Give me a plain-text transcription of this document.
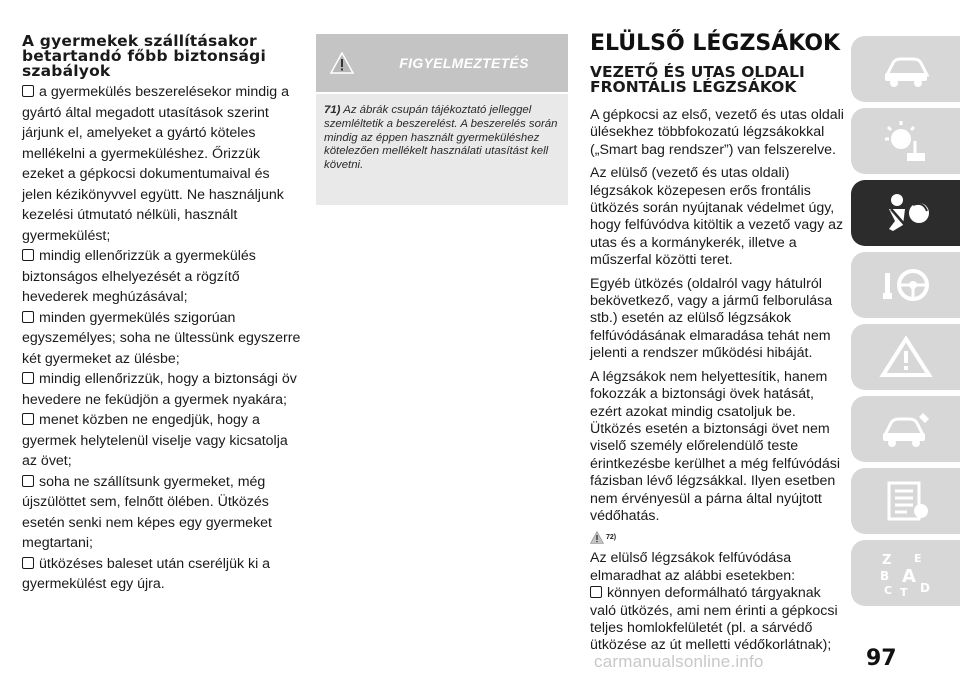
A gyermekek szállításakor betartandó főbb biztonsági szabályok

a gyermekülés beszerelésekor mindig a gyártó által megadott utasítások szerint járjunk el, amelyeket a gyártó köteles mellékelni a gyermeküléshez. Őrizzük ezeket a gépkocsi dokumentumaival és jelen kézikönyvvel együtt. Ne használjunk kezelési útmutató nélküli, használt gyermekülést;

mindig ellenőrizzük a gyermekülés biztonságos elhelyezését a rögzítő hevederek meghúzásával;

minden gyermekülés szigorúan egyszemélyes; soha ne ültessünk egyszerre két gyermeket az ülésbe;

mindig ellenőrizzük, hogy a biztonsági öv hevedere ne feküdjön a gyermek nyakára;

menet közben ne engedjük, hogy a gyermek helytelenül viselje vagy kicsatolja az övet;

soha ne szállítsunk gyermeket, még újszülöttet sem, felnőtt ölében. Ütközés esetén senki nem képes egy gyermeket megtartani;

ütközéses baleset után cseréljük ki a gyermekülést egy újra.

FIGYELMEZTETÉS

71) Az ábrák csupán tájékoztató jelleggel szemléltetik a beszerelést. A beszerelés során mindig az éppen használt gyermeküléshez kötelezően mellékelt használati utasítást kell követni.

ELÜLSŐ LÉGZSÁKOK
VEZETŐ ÉS UTAS OLDALI FRONTÁLIS LÉGZSÁKOK

A gépkocsi az első, vezető és utas oldali ülésekhez többfokozatú légzsákokkal („Smart bag rendszer”) van felszerelve.

Az elülső (vezető és utas oldali) légzsákok közepesen erős frontális ütközés során nyújtanak védelmet úgy, hogy felfúvódva kitöltik a vezető vagy az utas és a kormánykerék, illetve a műszerfal közötti teret.

Egyéb ütközés (oldalról vagy hátulról bekövetkező, vagy a jármű felborulása stb.) esetén az elülső légzsákok felfúvódásának elmaradása tehát nem jelenti a rendszer működési hibáját.

A légzsákok nem helyettesítik, hanem fokozzák a biztonsági övek hatását, ezért azokat mindig csatoljuk be. Ütközés esetén a biztonsági övet nem viselő személy előrelendülő teste érintkezésbe kerülhet a még felfúvódási fázisban lévő légzsákkal. Ilyen esetben nem érvényesül a párna által nyújtott védőhatás.

72)

Az elülső légzsákok felfúvódása elmaradhat az alábbi esetekben:

könnyen deformálható tárgyaknak való ütközés, ami nem érinti a gépkocsi teljes homlokfelületét (pl. a sárvédő ütközése az út melletti védőkorlátnak);

Z E
B A
C T D
97
carmanualsonline.info
